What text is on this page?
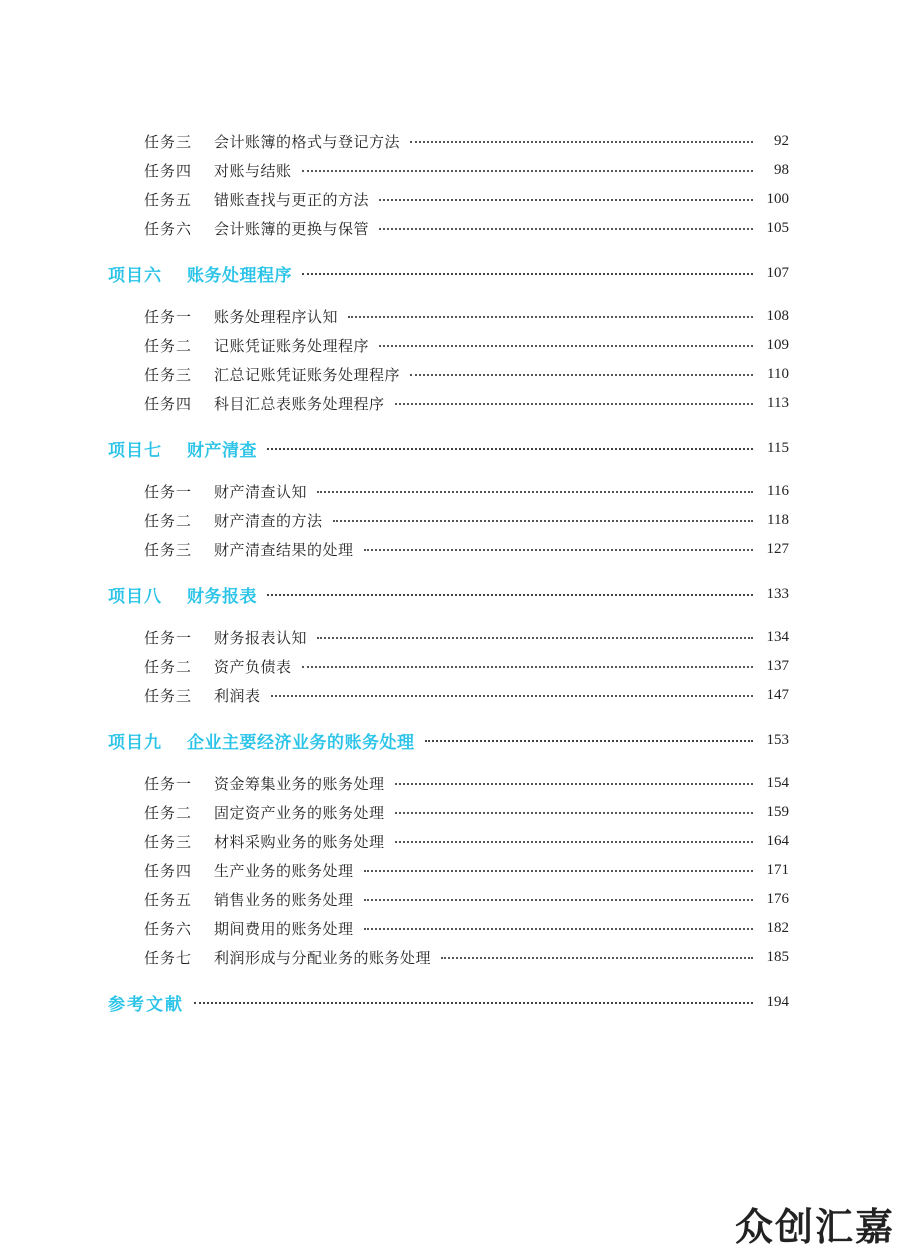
任务三 会计账簿的格式与登记方法	92
任务四 对账与结账	98
任务五 错账查找与更正的方法	100
任务六 会计账簿的更换与保管	105
项目六 账务处理程序	107
任务一 账务处理程序认知	108
任务二 记账凭证账务处理程序	109
任务三 汇总记账凭证账务处理程序	110
任务四 科目汇总表账务处理程序	113
项目七 财产清查	115
任务一 财产清查认知	116
任务二 财产清查的方法	118
任务三 财产清查结果的处理	127
项目八 财务报表	133
任务一 财务报表认知	134
任务二 资产负债表	137
任务三 利润表	147
项目九 企业主要经济业务的账务处理	153
任务一 资金筹集业务的账务处理	154
任务二 固定资产业务的账务处理	159
任务三 材料采购业务的账务处理	164
任务四 生产业务的账务处理	171
任务五 销售业务的账务处理	176
任务六 期间费用的账务处理	182
任务七 利润形成与分配业务的账务处理	185
参考文献	194
众创汇嘉
